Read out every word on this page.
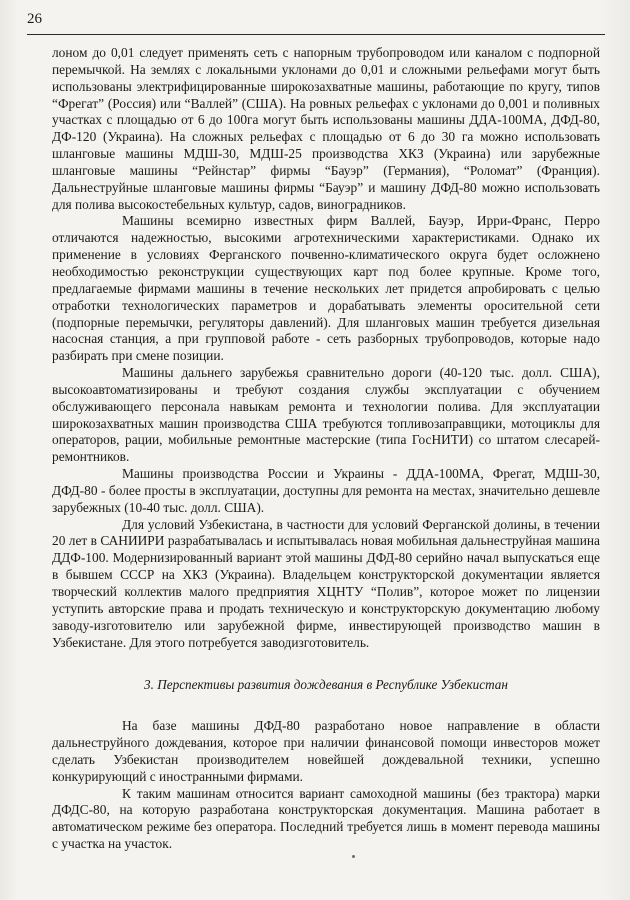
26

лоном до 0,01 следует применять сеть с напорным трубопроводом или каналом с подпорной перемычкой. На землях с локальными уклонами до 0,01 и сложными рельефами могут быть использованы электрифицированные широкозахватные машины, работающие по кругу, типов “Фрегат” (Россия) или “Валлей” (США). На ровных рельефах с уклонами до 0,001 и поливных участках с площадью от 6 до 100га могут быть использованы машины ДДА-100МА, ДФД-80, ДФ-120 (Украина). На сложных рельефах с площадью от 6 до 30 га можно использовать шланговые машины МДШ-30, МДШ-25 производства ХКЗ (Украина) или зарубежные шланговые машины “Рейнстар” фирмы “Бауэр” (Германия), “Роломат” (Франция). Дальнеструйные шланговые машины фирмы “Бауэр” и машину ДФД-80 можно использовать для полива высокостебельных культур, садов, виноградников.

Машины всемирно известных фирм Валлей, Бауэр, Ирри-Франс, Перро отличаются надежностью, высокими агротехническими характеристиками. Однако их применение в условиях Ферганского почвенно-климатического округа будет осложнено необходимостью реконструкции существующих карт под более крупные. Кроме того, предлагаемые фирмами машины в течение нескольких лет придется апробировать с целью отработки технологических параметров и дорабатывать элементы оросительной сети (подпорные перемычки, регуляторы давлений). Для шланговых машин требуется дизельная насосная станция, а при групповой работе - сеть разборных трубопроводов, которые надо разбирать при смене позиции.

Машины дальнего зарубежья сравнительно дороги (40-120 тыс. долл. США), высокоавтоматизированы и требуют создания службы эксплуатации с обучением обслуживающего персонала навыкам ремонта и технологии полива. Для эксплуатации широкозахватных машин производства США требуются топливозаправщики, мотоциклы для операторов, рации, мобильные ремонтные мастерские (типа ГосНИТИ) со штатом слесарей-ремонтников.

Машины производства России и Украины - ДДА-100МА, Фрегат, МДШ-30, ДФД-80 - более просты в эксплуатации, доступны для ремонта на местах, значительно дешевле зарубежных (10-40 тыс. долл. США).

Для условий Узбекистана, в частности для условий Ферганской долины, в течении 20 лет в САНИИРИ разрабатывалась и испытывалась новая мобильная дальнеструйная машина ДДФ-100. Модернизированный вариант этой машины ДФД-80 серийно начал выпускаться еще в бывшем СССР на ХКЗ (Украина). Владельцем конструкторской документации является творческий коллектив малого предприятия ХЦНТУ “Полив”, которое может по лицензии уступить авторские права и продать техническую и конструкторскую документацию любому заводу-изготовителю или зарубежной фирме, инвестирующей производство машин в Узбекистане. Для этого потребуется заводизготовитель.

3. Перспективы развития дождевания в Республике Узбекистан

На базе машины ДФД-80 разработано новое направление в области дальнеструйного дождевания, которое при наличии финансовой помощи инвесторов может сделать Узбекистан производителем новейшей дождевальной техники, успешно конкурирующий с иностранными фирмами.

К таким машинам относится вариант самоходной машины (без трактора) марки ДФДС-80, на которую разработана конструкторская документация. Машина работает в автоматическом режиме без оператора. Последний требуется лишь в момент перевода машины с участка на участок.
